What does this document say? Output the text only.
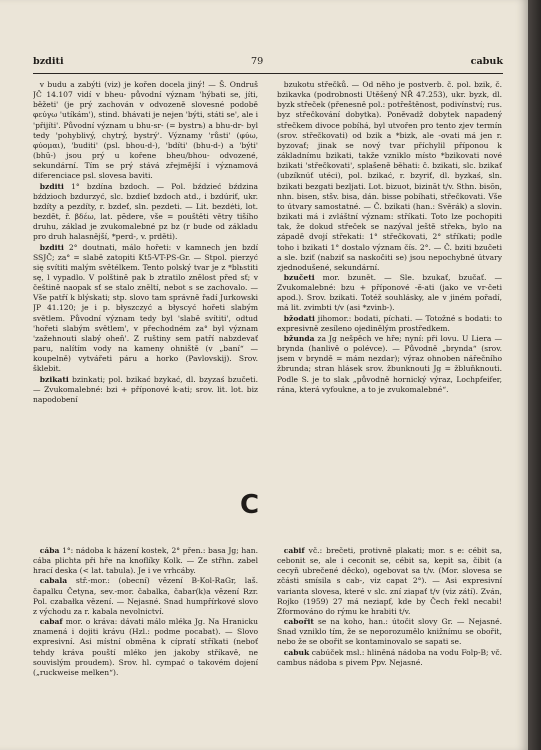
bzditi	79	cabuk

v budu a zabýti (viz) je kořen docela jiný! — Š. Ondruš JČ 14.107 vidí v bheu- původní význam 'hýbati se, jíti, běžeti' (je prý zachován v odvozeně slovesné podobě φεύγω 'utíkám'), stind. bhávati je nejen 'býti, státi se', ale i 'přijíti'. Původní význam u bhu-sr- (= bystrъ) a bhu-dr- byl tedy 'pohyblivý, chytrý, bystrý'. Významy 'růsti' (φύω, φύομαι), 'buditi' (psl. bhou-d-), 'bdíti' (bhu-d-) a 'býti' (bhū-) jsou prý u kořene bheu/bhou- odvozené, sekundární. Tím se prý stává zřejmější i významová diferenciace psl. slovesa baviti.

bzditi 1° bzdína bzdoch. — Pol. bździeć bździna bździoch bzdurzyć, slc. bzdieť bzdoch atd., i bzdúriť, ukr. bzdíty a pezdíty, r. bzdeť, sln. pezdeti. — Lit. bezdėti, lot. bezdēt, ř. βδέω, lat. pēdere, vše = pouštěti větry tišího druhu, základ je zvukomalebné pz bz (r bude od základu pro druh halasnější, *perd-, v. prděti).

bzditi 2° doutnati, málo hořeti: v kamnech jen bzdí SSJČ; za° = slabě zatopiti Kt5-VT-PS-Gr. — Stpol. pierzyć się svítiti malým světélkem. Tento polský tvar je z *blьstiti sę, l vypadlo. V polštině pak b ztratilo znělost před sť; v češtině naopak sť se stalo zněltí, nebot s se zachovalo. — Vše patří k blýskati; stp. slovo tam správně řadí Jurkowski JP 41.120; je i p. błyszczyć a błyscyć hořeti slabým světlem. Původní význam tedy byl 'slabě svítiti', odtud 'hořeti slabým světlem', v přechodném za° byl význam 'zažehnouti slabý oheň'. Z ruštiny sem patří nabzdevať paru, nalítím vody na kameny ohniště (v „baní“ — koupelně) vytvářeti páru a horko (Pavlovskij). Srov. šklebit.

bzikati bzinkati; pol. bzikać bzykać, dl. bzyzaś bzučeti. — Zvukomalebné: bzi + příponové k-ati; srov. lit. lot. biz napodobení

bzukotu střečků. — Od něho je postverb. č. pol. bzik, č. bzikavka (podrobnosti Utěšený NŘ 47.253), ukr. byzk, dl. byzk střeček (přenesně pol.: potřeštěnost, podivínství; rus. byz střečkování dobytka). Poněvadž dobytek napadený střečkem divoce pobíhá, byl utvořen pro tento zjev termín (srov. střečkovati) od bzik a *bizk, ale -ovati má jen r. byzovať; jinak se nový tvar příchylil příponou k základnímu bzikati, takže vzniklo místo *bzikovati nové bzikati 'střečkovati', splašeně běhati: č. bzikati, slc. bzikať (ubzíknúť utéci), pol. bzikać, r. bzyriť, dl. byzkaś, sln. bzikati bezgati bezljati. Lot. bizuot, bizināt t/v. Sthn. bisōn, nhn. bisen, stšv. bisa, dán. bisse pobíhati, střečkovati. Vše to útvary samostatné. — Č. bzikati (han.: Svěrák) a slovin. bzikati má i zvláštní význam: stříkati. Toto lze pochopiti tak, že dokud střeček se nazýval ještě střekъ, bylo na západě dvojí střekati: 1° střečkovati, 2° stříkati; podle toho i bzikati 1° dostalo význam čís. 2°. — Č. bziti bzučeti a sle. bziť (nabziť sa naskočiti se) jsou nepochybné útvary zjednodušené, sekundární.

bzučeti mor. bzunět. — Sle. bzukať, bzučať. — Zvukomalebné: bzu + příponové -ě-ati (jako ve vr-četi apod.). Srov. bzikati. Totéž souhlásky, ale v jiném pořadí, má lit. zvimbti t/v (asi *zvinb-).

bžodati jihomor.: bodati, píchati. — Totožné s bodati: to expresivně zesíleno ojedinělým prostředkem.

bžunda za Jg nešpěch ve hře; nyní: při lovu. U Liera — brynda (hanlivě o polévce). — Původně „brynda“ (srov. jsem v bryndě = mám nezdar); výraz ohnoben nářečního žbrunda; stran hlásek srov. žbunknouti Jg = žbluňknouti. Podle S. je to slak „původně hornický výraz, Lochpfeifer, rána, která vyfoukne, a to je zvukomalebné“.

C

cába 1°: nádoba k házení kostek, 2° přen.: basa Jg; han. cába plichta při hře na knoflíky Kolk. — Ze střhn. zabel hrací deska (< lat. tabula). Je i ve vrhcáby.

cabala stř.-mor.: (obecní) vězení B-Kol-RaGr, laš. čapalku Četyna, sev.-mor. čabalka, čabar(k)a vězení Rzr. Pol. czabałka vězení. — Nejasné. Snad humpřírkové slovo z východu za r. kabala nevolnictví.

cabaf mor. o kráva: dávati málo mléka Jg. Na Hranicku znamená i dojiti krávu (Hzl.: podme pocabat). — Slovo expresivní. Asi místní obměna k cípratí stříkati (neboť tehdy kráva pouští mléko jen jakoby stříkavě, ne souvislým proudem). Srov. hl. cympać o takovém dojení („ruckweise melken“).

cabif vč.: brečeti, protivně plakati; mor. s e: cébit sa, cebonit se, ale i ceconit se, cébit sa, kepit sa, čibit (a cecyň ubrečené děcko), ogebovat sa t/v. (Mor. slovesa se zčásti smísila s cab-, viz capat 2°). — Asi expresivní varianta slovesa, které v slc. zní ziapať t/v (viz zátí). Zván, Rojko (1959) 27 má neziapf, kde by Čech řekl necabi! Zformováno do rýmu ke hrabiti t/v.

cabořit se na koho, han.: útočit slovy Gr. — Nejasné. Snad vzniklo tím, že se neporozumělo knižnímu se obořit, nebo že se obořit se kontaminovalo se sapati se.

cabuk cabúček msl.: hliněná nádoba na vodu Folp-B; vč. cambus nádoba s pivem Ppv. Nejasné.
